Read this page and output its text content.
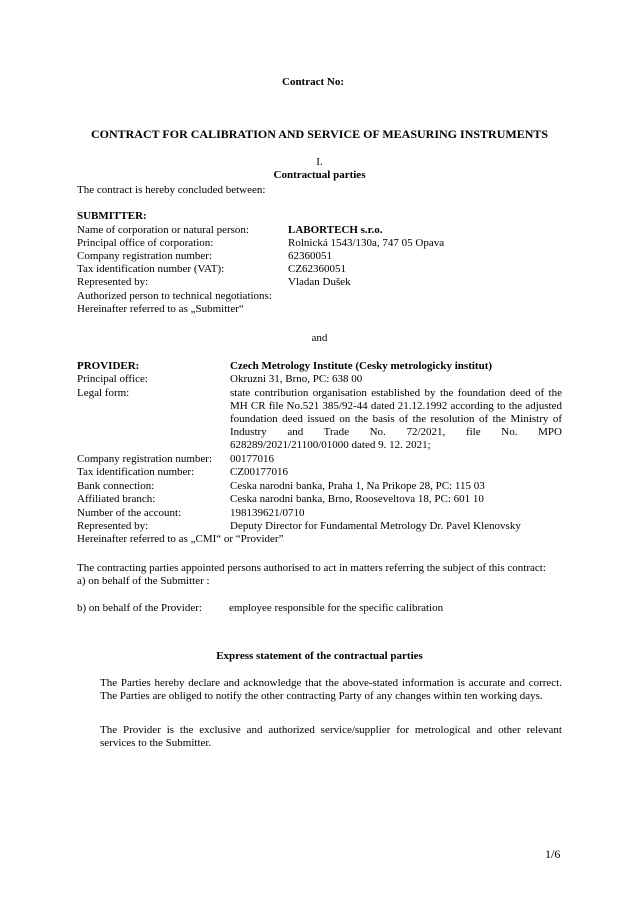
Contract No:
CONTRACT FOR CALIBRATION AND SERVICE OF MEASURING INSTRUMENTS
I.
Contractual parties
The contract is hereby concluded between:
SUBMITTER:
Name of corporation or natural person:	LABORTECH s.r.o.
Principal office of corporation:	Rolnická 1543/130a, 747 05 Opava
Company registration number:	62360051
Tax identification number (VAT):	CZ62360051
Represented by:	Vladan Dušek
Authorized person to technical negotiations:
Hereinafter referred to as „Submitter“
and
PROVIDER:	Czech Metrology Institute (Cesky metrologicky institut)
Principal office:	Okruzni 31, Brno, PC: 638 00
Legal form:	state contribution organisation established by the foundation deed of the MH CR file No.521 385/92-44 dated 21.12.1992 according to the adjusted foundation deed issued on the basis of the resolution of the Ministry of Industry and Trade No. 72/2021, file No. MPO
628289/2021/21100/01000 dated 9. 12. 2021;
Company registration number: 00177016
Tax identification number:	CZ00177016
Bank connection:	Ceska narodni banka, Praha 1, Na Prikope 28, PC: 115 03
Affiliated branch:	Ceska narodni banka, Brno, Rooseveltova 18, PC: 601 10
Number of the account:	198139621/0710
Represented by:	Deputy Director for Fundamental Metrology Dr. Pavel Klenovsky
Hereinafter referred to as „CMI“ or “Provider”
The contracting parties appointed persons authorised to act in matters referring the subject of this contract:
a) on behalf of the Submitter :
b) on behalf of the Provider: employee responsible for the specific calibration
Express statement of the contractual parties
The Parties hereby declare and acknowledge that the above-stated information is accurate and correct. The Parties are obliged to notify the other contracting Party of any changes within ten working days.
The Provider is the exclusive and authorized service/supplier for metrological and other relevant services to the Submitter.
1/6
